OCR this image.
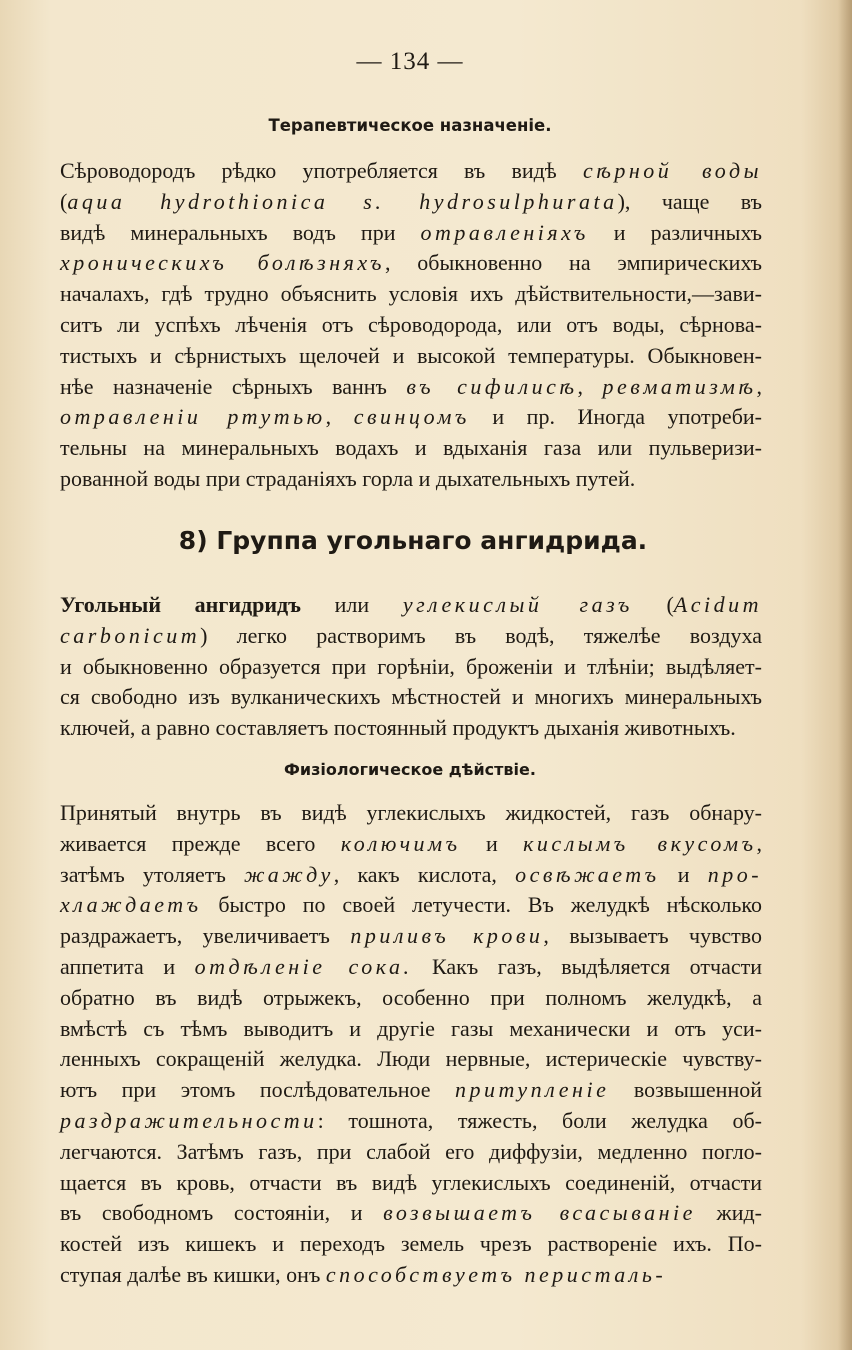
— 134 —
Терапевтическое назначеніе.
Сѣроводородъ рѣдко употребляется въ видѣ сѣрной воды
(aqua hydrothionica s. hydrosulphurata), чаще въ
видѣ минеральныхъ водъ при отравленіяхъ и различныхъ
хроническихъ болѣзняхъ, обыкновенно на эмпирическихъ
началахъ, гдѣ трудно объяснить условія ихъ дѣйствительности,—зави-
ситъ ли успѣхъ лѣченія отъ сѣроводорода, или отъ воды, сѣрнова-
тистыхъ и сѣрнистыхъ щелочей и высокой температуры. Обыкновен-
нѣе назначеніе сѣрныхъ ваннъ въ сифилисѣ, ревматизмѣ,
отравленіи ртутью, свинцомъ и пр. Иногда употреби-
тельны на минеральныхъ водахъ и вдыханія газа или пульверизи-
рованной воды при страданіяхъ горла и дыхательныхъ путей.
8) Группа угольнаго ангидрида.
Угольный ангидридъ или углекислый газъ (Acidum
carbonicum) легко растворимъ въ водѣ, тяжелѣе воздуха
и обыкновенно образуется при горѣніи, броженіи и тлѣніи; выдѣляет-
ся свободно изъ вулканическихъ мѣстностей и многихъ минеральныхъ
ключей, а равно составляетъ постоянный продуктъ дыханія животныхъ.
Физіологическое дѣйствіе.
Принятый внутрь въ видѣ углекислыхъ жидкостей, газъ обнару-
живается прежде всего колючимъ и кислымъ вкусомъ,
затѣмъ утоляетъ жажду, какъ кислота, освѣжаетъ и про-
хлаждаетъ быстро по своей летучести. Въ желудкѣ нѣсколько
раздражаетъ, увеличиваетъ приливъ крови, вызываетъ чувство
аппетита и отдѣленіе сока. Какъ газъ, выдѣляется отчасти
обратно въ видѣ отрыжекъ, особенно при полномъ желудкѣ, а
вмѣстѣ съ тѣмъ выводитъ и другіе газы механически и отъ уси-
ленныхъ сокращеній желудка. Люди нервные, истерическіе чувству-
ютъ при этомъ послѣдовательное притупленіе возвышенной
раздражительности: тошнота, тяжесть, боли желудка об-
легчаются. Затѣмъ газъ, при слабой его диффузіи, медленно погло-
щается въ кровь, отчасти въ видѣ углекислыхъ соединеній, отчасти
въ свободномъ состояніи, и возвышаетъ всасываніе жид-
костей изъ кишекъ и переходъ земель чрезъ раствореніе ихъ. По-
ступая далѣе въ кишки, онъ способствуетъ перисталь-
